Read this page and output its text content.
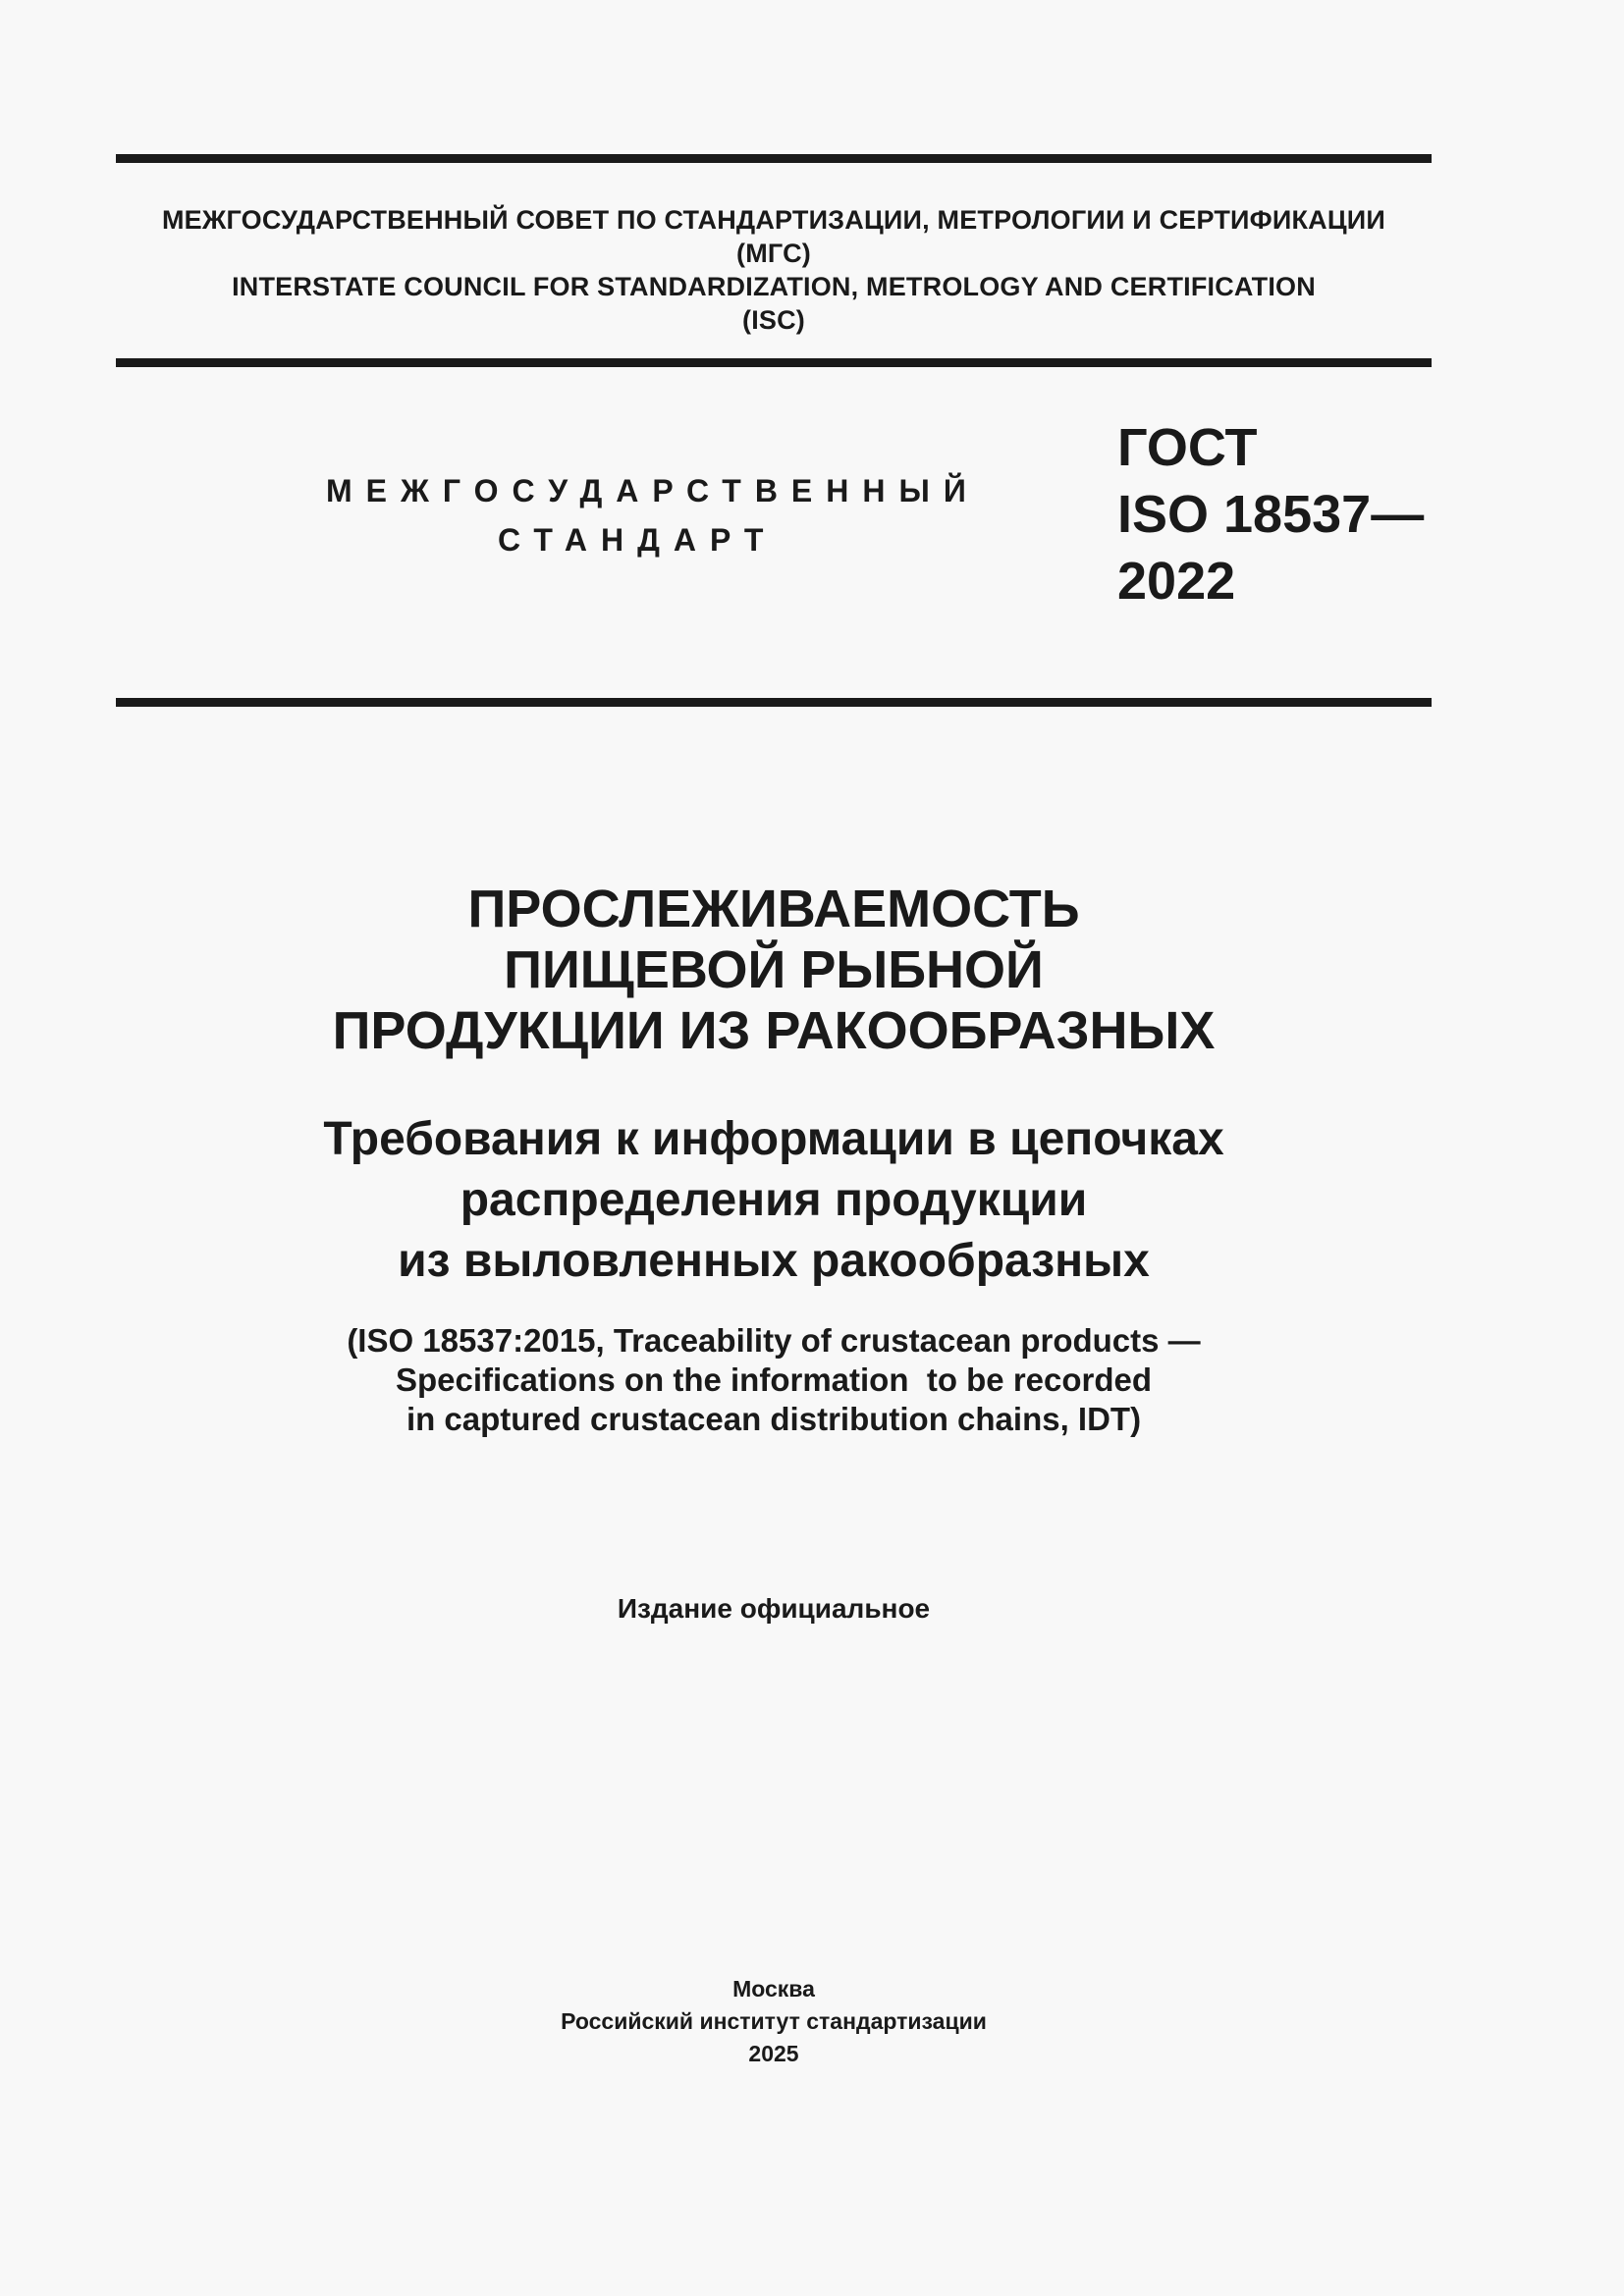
МЕЖГОСУДАРСТВЕННЫЙ СОВЕТ ПО СТАНДАРТИЗАЦИИ, МЕТРОЛОГИИ И СЕРТИФИКАЦИИ
(МГС)
INTERSTATE COUNCIL FOR STANDARDIZATION, METROLOGY AND CERTIFICATION
(ISC)
МЕЖГОСУДАРСТВЕННЫЙ
СТАНДАРТ
ГОСТ
ISO 18537—
2022
ПРОСЛЕЖИВАЕМОСТЬ
ПИЩЕВОЙ РЫБНОЙ
ПРОДУКЦИИ ИЗ РАКООБРАЗНЫХ
Требования к информации в цепочках
распределения продукции
из выловленных ракообразных
(ISO 18537:2015, Traceability of crustacean products —
Specifications on the information  to be recorded
in captured crustacean distribution chains, IDT)
Издание официальное
Москва
Российский институт стандартизации
2025
